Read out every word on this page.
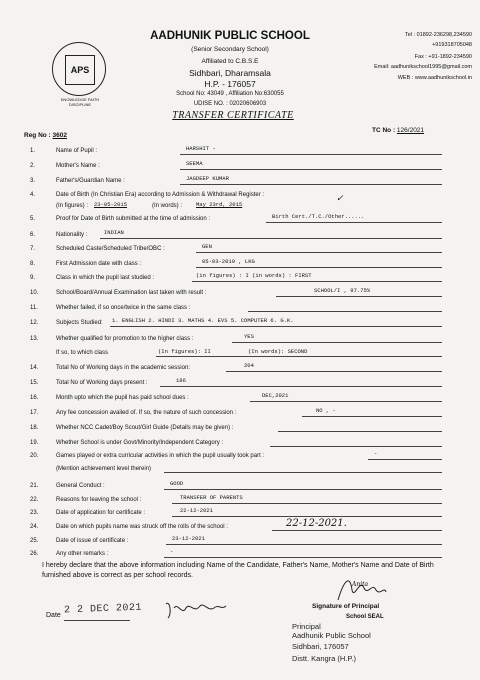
APS
KNOWLEDGE FAITH DISCIPLINE
AADHUNIK PUBLIC SCHOOL
(Senior Secondary School)
Affiliated to C.B.S.E
Sidhbari, Dharamsala
H.P. - 176057
School No: 43049 , Affiliation No:630055
UDISE NO. : 02020606903
Tel : 01892-236298,234590
+919318705048
Fax : +91-1892-234590
Email: aadhunikschool1995@gmail.com
WEB : www.aadhunikschool.in
TRANSFER CERTIFICATE
Reg No : 3602
TC No : 126/2021
1.	Name of Pupil :	HARSHIT -
2.	Mother's Name :	SEEMA
3.	Father's/Guardian Name :	JAGDEEP KUMAR
4.	Date of Birth (In Christian Era) according to Admission & Withdrawal Register :
(In figures) : 23-05-2015	(In words) :	May 23rd, 2015
✓
5.	Proof for Date of Birth submitted at the time of admission :	Birth Cert./T.C./Other......
6.	Nationality :	INDIAN
7.	Scheduled Caste/Scheduled Tribe/OBC :	GEN
8.	First Admission date with class :	05-03-2019 , LKG
9.	Class in which the pupil last studied :	(in figures) : I (in words) : FIRST
10.	School/Board/Annual Examination last taken with result :	SCHOOL/I , 97.75%
11.	Whether failed, if so once/twice in the same class :
12.	Subjects Studied: 1. ENGLISH 2. HINDI 3. MATHS 4. EVS 5. COMPUTER 6. G.K.
13.	Whether qualified for promotion to the higher class :	YES
If so, to which class	(In figures): II	(In words): SECOND
14.	Total No of Working days in the academic session:	204
15.	Total No of Working days present :	186
16.	Month upto which the pupil has paid school dues :	DEC,2021
17.	Any fee concession availed of. If so, the nature of such concession :	NO , -
18.	Whether NCC Cadet/Boy Scout/Girl Guide (Details may be given) :
19.	Whether School is under Govt/Minority/Independent Category :
20.	Games played or extra curricular activities in which the pupil usually took part :	-
(Mention achievement level therein)
21.	General Conduct :	GOOD
22.	Reasons for leaving the school :	TRANSFER OF PARENTS
23.	Date of application for certificate :	22-12-2021
24.	Date on which pupils name was struck off the rolls of the school :	22-12-2021.
25.	Date of issue of certificate :	23-12-2021
26.	Any other remarks :	-
I hereby declare that the above information including Name of the Candidate, Father's Name, Mother's Name and Date of Birth furnished above is correct as per school records.
Date 2 2 DEC 2021
Anita
Signature of Principal
School SEAL
Principal
Aadhunik Public School
Sidhbari, 176057
Distt. Kangra (H.P.)
